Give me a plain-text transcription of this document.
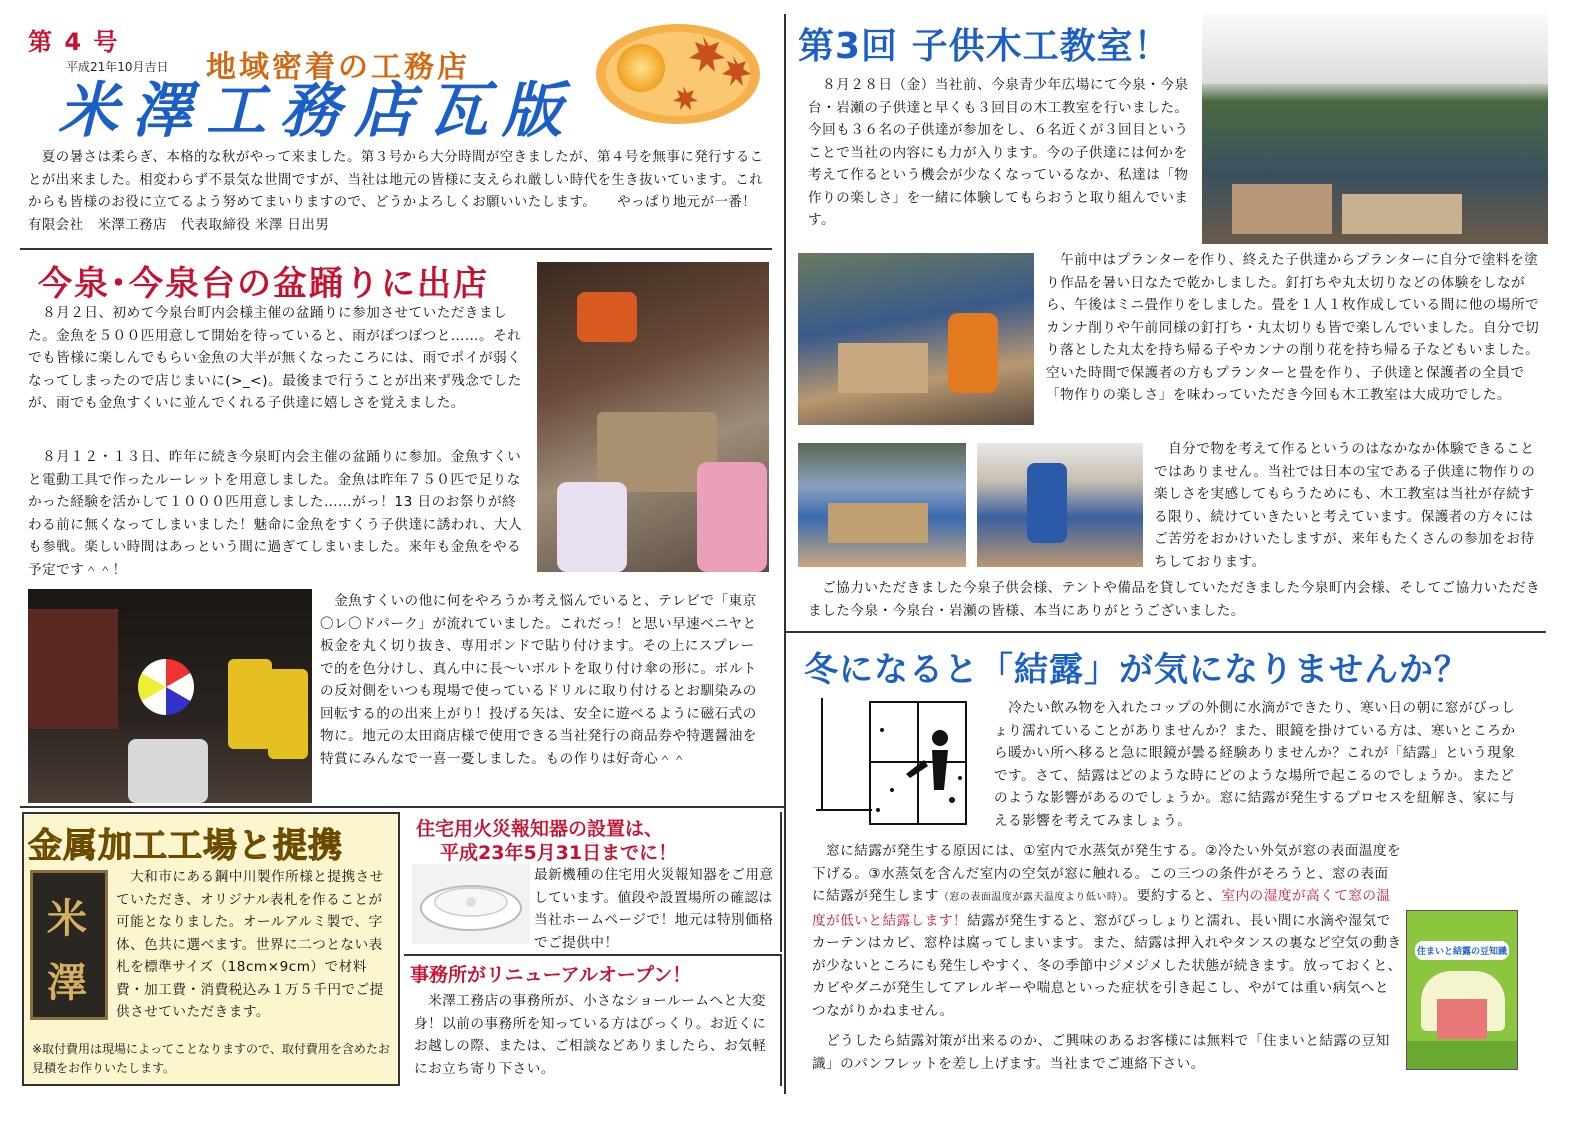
第 4 号
平成21年10月吉日 地域密着の工務店
米澤工務店瓦版
　夏の暑さは柔らぎ、本格的な秋がやって来ました。第３号から大分時間が空きましたが、第４号を無事に発行することが出来ました。相変わらず不景気な世間ですが、当社は地元の皆様に支えられ厳しい時代を生き抜いています。これからも皆様のお役に立てるよう努めてまいりますので、どうかよろしくお願いいたします。　　やっぱり地元が一番！　有限会社　米澤工務店　代表取締役 米澤 日出男
今泉･今泉台の盆踊りに出店
　８月２日、初めて今泉台町内会様主催の盆踊りに参加させていただきました。金魚を５００匹用意して開始を待っていると、雨がぽつぽつと……。それでも皆様に楽しんでもらい金魚の大半が無くなったころには、雨でポイが弱くなってしまったので店じまいに(>_<)。最後まで行うことが出来ず残念でしたが、雨でも金魚すくいに並んでくれる子供達に嬉しさを覚えました。
　８月１２・１３日、昨年に続き今泉町内会主催の盆踊りに参加。金魚すくいと電動工具で作ったルーレットを用意しました。金魚は昨年７５０匹で足りなかった経験を活かして１０００匹用意しました……がっ！13 日のお祭りが終わる前に無くなってしまいました！魅命に金魚をすくう子供達に誘われ、大人も参戦。楽しい時間はあっという間に過ぎてしまいました。来年も金魚をやる予定です＾＾！
　金魚すくいの他に何をやろうか考え悩んでいると、テレビで「東京〇レ〇ドパーク」が流れていました。これだっ！と思い早速ベニヤと板金を丸く切り抜き、専用ボンドで貼り付けます。その上にスプレーで的を色分けし、真ん中に長〜いボルトを取り付け傘の形に。ボルトの反対側をいつも現場で使っているドリルに取り付けるとお馴染みの回転する的の出来上がり！投げる矢は、安全に遊べるように磁石式の物に。地元の太田商店様で使用できる当社発行の商品券や特選醤油を特賞にみんなで一喜一憂しました。もの作りは好奇心＾＾
金属加工工場と提携
米
澤
　大和市にある鋼中川製作所様と提携させていただき、オリジナル表札を作ることが可能となりました。オールアルミ製で、字体、色共に選べます。世界に二つとない表札を標準サイズ（18cm×9cm）で材料費・加工費・消費税込み１万５千円でご提供させていただきます。
※取付費用は現場によってことなりますので、取付費用を含めたお見積をお作りいたします。
住宅用火災報知器の設置は、
平成23年5月31日までに！
最新機種の住宅用火災報知器をご用意しています。値段や設置場所の確認は当社ホームページで！地元は特別価格でご提供中！
事務所がリニューアルオープン！
　米澤工務店の事務所が、小さなショールームへと大変身！以前の事務所を知っている方はびっくり。お近くにお越しの際、または、ご相談などありましたら、お気軽にお立ち寄り下さい。
第3回 子供木工教室！
　８月２８日（金）当社前、今泉青少年広場にて今泉・今泉台・岩瀬の子供達と早くも３回目の木工教室を行いました。今回も３６名の子供達が参加をし、６名近くが３回目ということで当社の内容にも力が入ります。今の子供達には何かを考えて作るという機会が少なくなっているなか、私達は「物作りの楽しさ」を一緒に体験してもらおうと取り組んでいます。
　午前中はプランターを作り、終えた子供達からプランターに自分で塗料を塗り作品を暑い日なたで乾かしました。釘打ちや丸太切りなどの体験をしながら、午後はミニ畳作りをしました。畳を１人１枚作成している間に他の場所でカンナ削りや午前同様の釘打ち・丸太切りも皆で楽しんでいました。自分で切り落とした丸太を持ち帰る子やカンナの削り花を持ち帰る子などもいました。空いた時間で保護者の方もプランターと畳を作り、子供達と保護者の全員で「物作りの楽しさ」を味わっていただき今回も木工教室は大成功でした。
　自分で物を考えて作るというのはなかなか体験できることではありません。当社では日本の宝である子供達に物作りの楽しさを実感してもらうためにも、木工教室は当社が存続する限り、続けていきたいと考えています。保護者の方々にはご苦労をおかけいたしますが、来年もたくさんの参加をお待ちしております。
　ご協力いただきました今泉子供会様、テントや備品を貸していただきました今泉町内会様、そしてご協力いただきました今泉・今泉台・岩瀬の皆様、本当にありがとうございました。
冬になると「結露」が気になりませんか？
　冷たい飲み物を入れたコップの外側に水滴ができたり、寒い日の朝に窓がびっしょり濡れていることがありませんか？また、眼鏡を掛けている方は、寒いところから暖かい所へ移ると急に眼鏡が曇る経験ありませんか？これが「結露」という現象です。さて、結露はどのような時にどのような場所で起こるのでしょうか。またどのような影響があるのでしょうか。窓に結露が発生するプロセスを紐解き、家に与える影響を考えてみましょう。
　窓に結露が発生する原因には、①室内で水蒸気が発生する。②冷たい外気が窓の表面温度を下げる。③水蒸気を含んだ室内の空気が窓に触れる。この三つの条件がそろうと、窓の表面に結露が発生します（窓の表面温度が露天温度より低い時）。要約すると、室内の湿度が高くて窓の温度が低いと結露します！結露が発生すると、窓がびっしょりと濡れ、長い間に水滴や湿気でカーテンはカビ、窓枠は腐ってしまいます。また、結露は押入れやタンスの裏など空気の動きが少ないところにも発生しやすく、冬の季節中ジメジメした状態が続きます。放っておくと、カビやダニが発生してアレルギーや喘息といった症状を引き起こし、やがては重い病気へとつながりかねません。
　どうしたら結露対策が出来るのか、ご興味のあるお客様には無料で「住まいと結露の豆知識」のパンフレットを差し上げます。当社までご連絡下さい。
住まいと結露の豆知識
